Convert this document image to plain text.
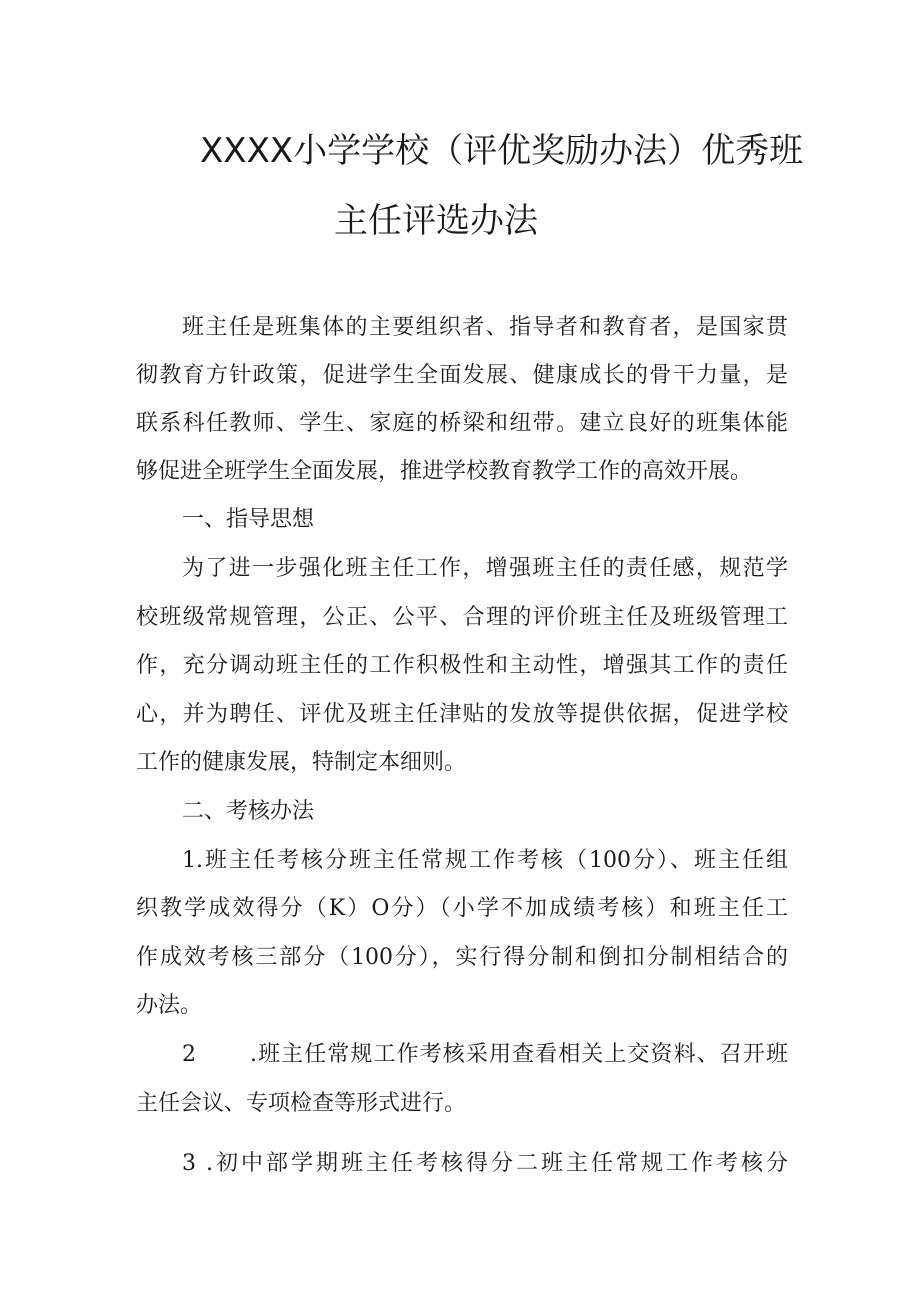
XXXX小学学校（评优奖励办法）优秀班
主任评选办法
班主任是班集体的主要组织者、指导者和教育者，是国家贯
彻教育方针政策，促进学生全面发展、健康成长的骨干力量，是
联系科任教师、学生、家庭的桥梁和纽带。建立良好的班集体能
够促进全班学生全面发展，推进学校教育教学工作的高效开展。
一、指导思想
为了进一步强化班主任工作，增强班主任的责任感，规范学
校班级常规管理，公正、公平、合理的评价班主任及班级管理工
作，充分调动班主任的工作积极性和主动性，增强其工作的责任
心，并为聘任、评优及班主任津贴的发放等提供依据，促进学校
工作的健康发展，特制定本细则。
二、考核办法
1.班主任考核分班主任常规工作考核（100分）、班主任组
织教学成效得分（K）O分）（小学不加成绩考核）和班主任工
作成效考核三部分（100分），实行得分制和倒扣分制相结合的
办法。
2 .班主任常规工作考核采用查看相关上交资料、召开班
主任会议、专项检查等形式进行。
3 .初中部学期班主任考核得分二班主任常规工作考核分
